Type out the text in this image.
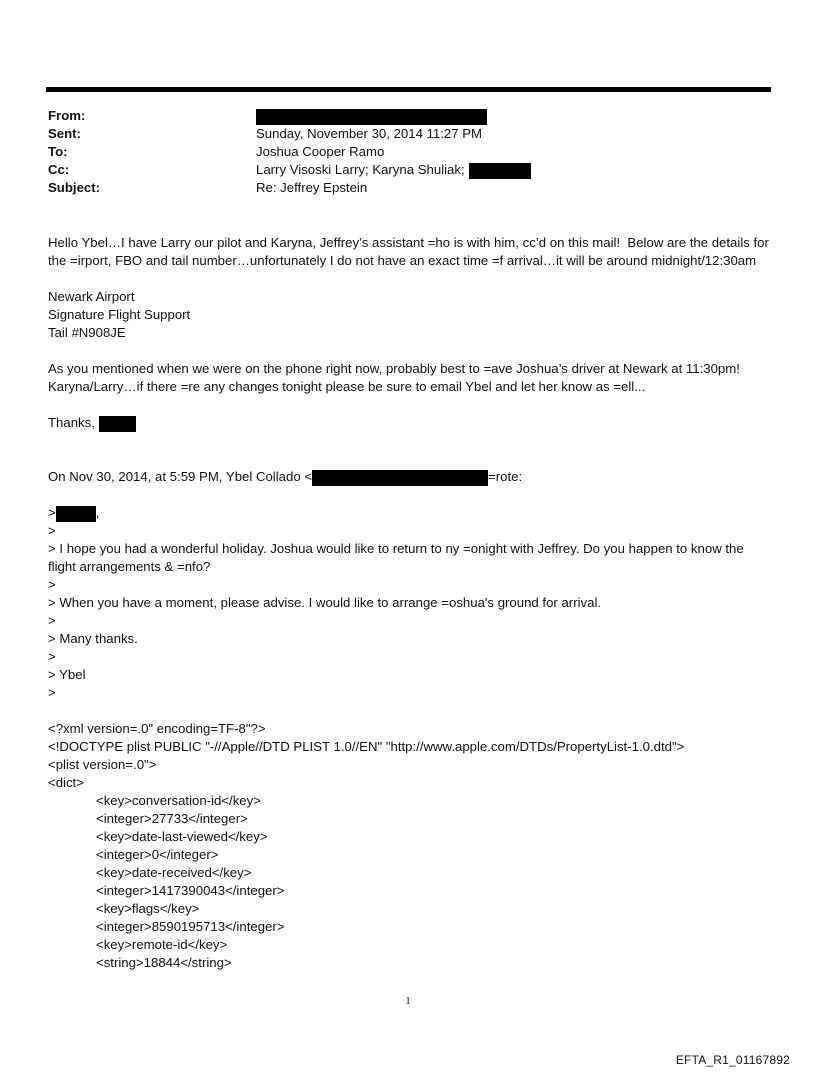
From:
Sent:	Sunday, November 30, 2014 11:27 PM
To:	Joshua Cooper Ramo
Cc:	Larry Visoski Larry; Karyna Shuliak;
Subject:	Re: Jeffrey Epstein

Hello Ybel…I have Larry our pilot and Karyna, Jeffrey’s assistant =ho is with him, cc’d on this mail!  Below are the details for the =irport, FBO and tail number…unfortunately I do not have an exact time =f arrival…it will be around midnight/12:30am

Newark Airport

Signature Flight Support

Tail #N908JE

As you mentioned when we were on the phone right now, probably best to =ave Joshua’s driver at Newark at 11:30pm! Karyna/Larry…if there =re any changes tonight please be sure to email Ybel and let her know as =ell...

Thanks,

On Nov 30, 2014, at 5:59 PM, Ybel Collado <	=rote:

>	,

>

> I hope you had a wonderful holiday. Joshua would like to return to ny =onight with Jeffrey. Do you happen to know the flight arrangements & =nfo?

>

> When you have a moment, please advise. I would like to arrange =oshua's ground for arrival.

>

> Many thanks.

>

> Ybel

>

<?xml version=.0" encoding=TF-8"?>

<!DOCTYPE plist PUBLIC "-//Apple//DTD PLIST 1.0//EN" "http://www.apple.com/DTDs/PropertyList-1.0.dtd">

<plist version=.0">

<dict>

<key>conversation-id</key>

<integer>27733</integer>

<key>date-last-viewed</key>

<integer>0</integer>

<key>date-received</key>

<integer>1417390043</integer>

<key>flags</key>

<integer>8590195713</integer>

<key>remote-id</key>

<string>18844</string>

1
EFTA_R1_01167892
